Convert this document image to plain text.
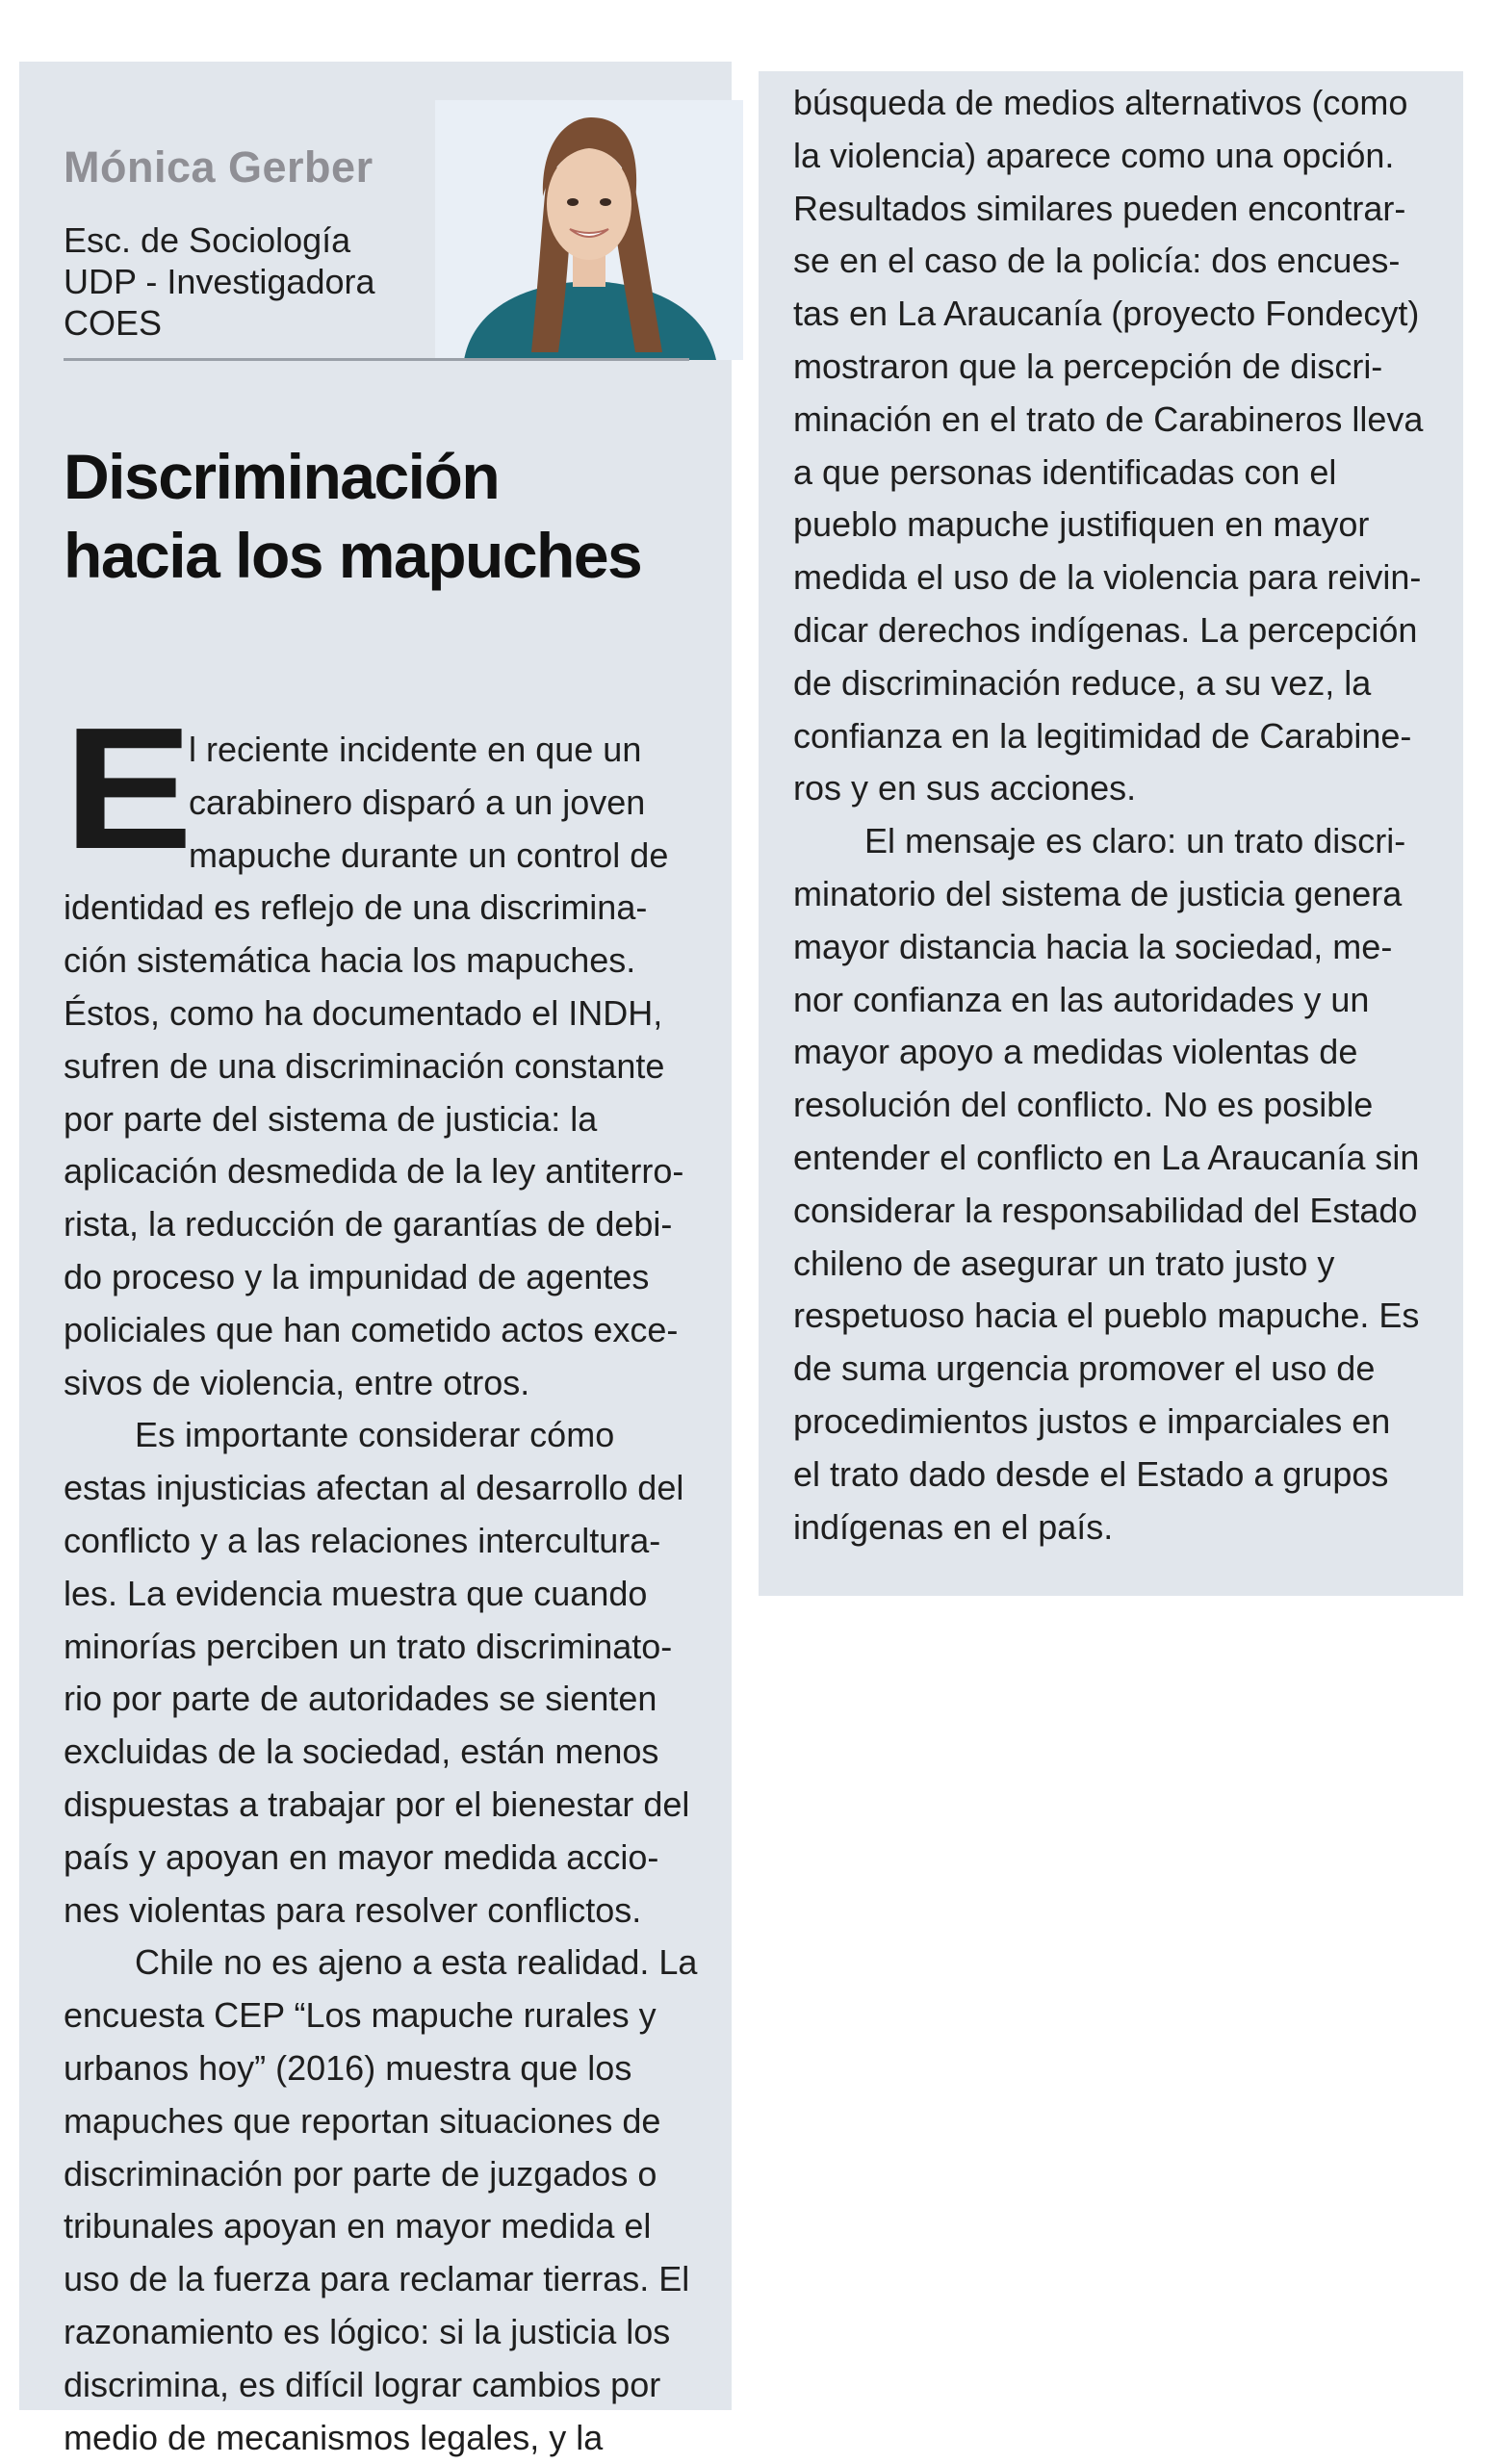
Mónica Gerber
Esc. de Sociología
UDP - Investigadora
COES
Discriminación
hacia los mapuches
E
l reciente incidente en que un
carabinero disparó a un joven
mapuche durante un control de
identidad es reflejo de una discrimina-
ción sistemática hacia los mapuches.
Éstos, como ha documentado el INDH,
sufren de una discriminación constante
por parte del sistema de justicia: la
aplicación desmedida de la ley antiterro-
rista, la reducción de garantías de debi-
do proceso y la impunidad de agentes
policiales que han cometido actos exce-
sivos de violencia, entre otros.
Es importante considerar cómo
estas injusticias afectan al desarrollo del
conflicto y a las relaciones intercultura-
les. La evidencia muestra que cuando
minorías perciben un trato discriminato-
rio por parte de autoridades se sienten
excluidas de la sociedad, están menos
dispuestas a trabajar por el bienestar del
país y apoyan en mayor medida accio-
nes violentas para resolver conflictos.
Chile no es ajeno a esta realidad. La
encuesta CEP “Los mapuche rurales y
urbanos hoy” (2016) muestra que los
mapuches que reportan situaciones de
discriminación por parte de juzgados o
tribunales apoyan en mayor medida el
uso de la fuerza para reclamar tierras. El
razonamiento es lógico: si la justicia los
discrimina, es difícil lograr cambios por
medio de mecanismos legales, y la
búsqueda de medios alternativos (como
la violencia) aparece como una opción.
Resultados similares pueden encontrar-
se en el caso de la policía: dos encues-
tas en La Araucanía (proyecto Fondecyt)
mostraron que la percepción de discri-
minación en el trato de Carabineros lleva
a que personas identificadas con el
pueblo mapuche justifiquen en mayor
medida el uso de la violencia para reivin-
dicar derechos indígenas. La percepción
de discriminación reduce, a su vez, la
confianza en la legitimidad de Carabine-
ros y en sus acciones.
El mensaje es claro: un trato discri-
minatorio del sistema de justicia genera
mayor distancia hacia la sociedad, me-
nor confianza en las autoridades y un
mayor apoyo a medidas violentas de
resolución del conflicto. No es posible
entender el conflicto en La Araucanía sin
considerar la responsabilidad del Estado
chileno de asegurar un trato justo y
respetuoso hacia el pueblo mapuche. Es
de suma urgencia promover el uso de
procedimientos justos e imparciales en
el trato dado desde el Estado a grupos
indígenas en el país.
